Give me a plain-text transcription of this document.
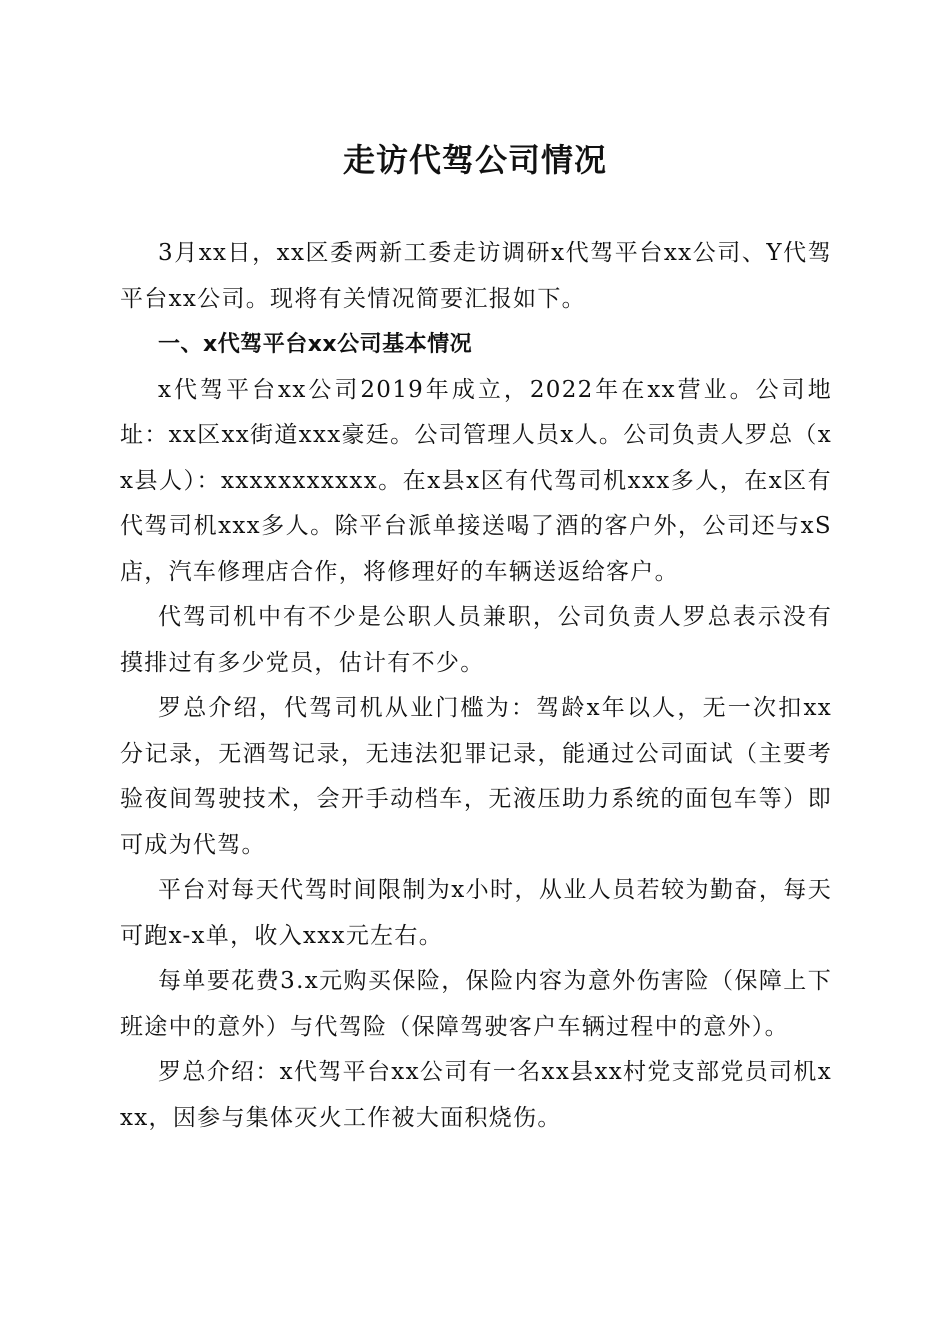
走访代驾公司情况

3月xx日，xx区委两新工委走访调研x代驾平台xx公司、Y代驾平台xx公司。现将有关情况简要汇报如下。

一、x代驾平台xx公司基本情况

x代驾平台xx公司2019年成立，2022年在xx营业。公司地址：xx区xx街道xxx豪廷。公司管理人员x人。公司负责人罗总（xx县人）：xxxxxxxxxxx。在x县x区有代驾司机xxx多人，在x区有代驾司机xxx多人。除平台派单接送喝了酒的客户外，公司还与xS店，汽车修理店合作，将修理好的车辆送返给客户。

代驾司机中有不少是公职人员兼职，公司负责人罗总表示没有摸排过有多少党员，估计有不少。

罗总介绍，代驾司机从业门槛为：驾龄x年以人，无一次扣xx分记录，无酒驾记录，无违法犯罪记录，能通过公司面试（主要考验夜间驾驶技术，会开手动档车，无液压助力系统的面包车等）即可成为代驾。

平台对每天代驾时间限制为x小时，从业人员若较为勤奋，每天可跑x-x单，收入xxx元左右。

每单要花费3.x元购买保险，保险内容为意外伤害险（保障上下班途中的意外）与代驾险（保障驾驶客户车辆过程中的意外）。

罗总介绍：x代驾平台xx公司有一名xx县xx村党支部党员司机xxx，因参与集体灭火工作被大面积烧伤。
